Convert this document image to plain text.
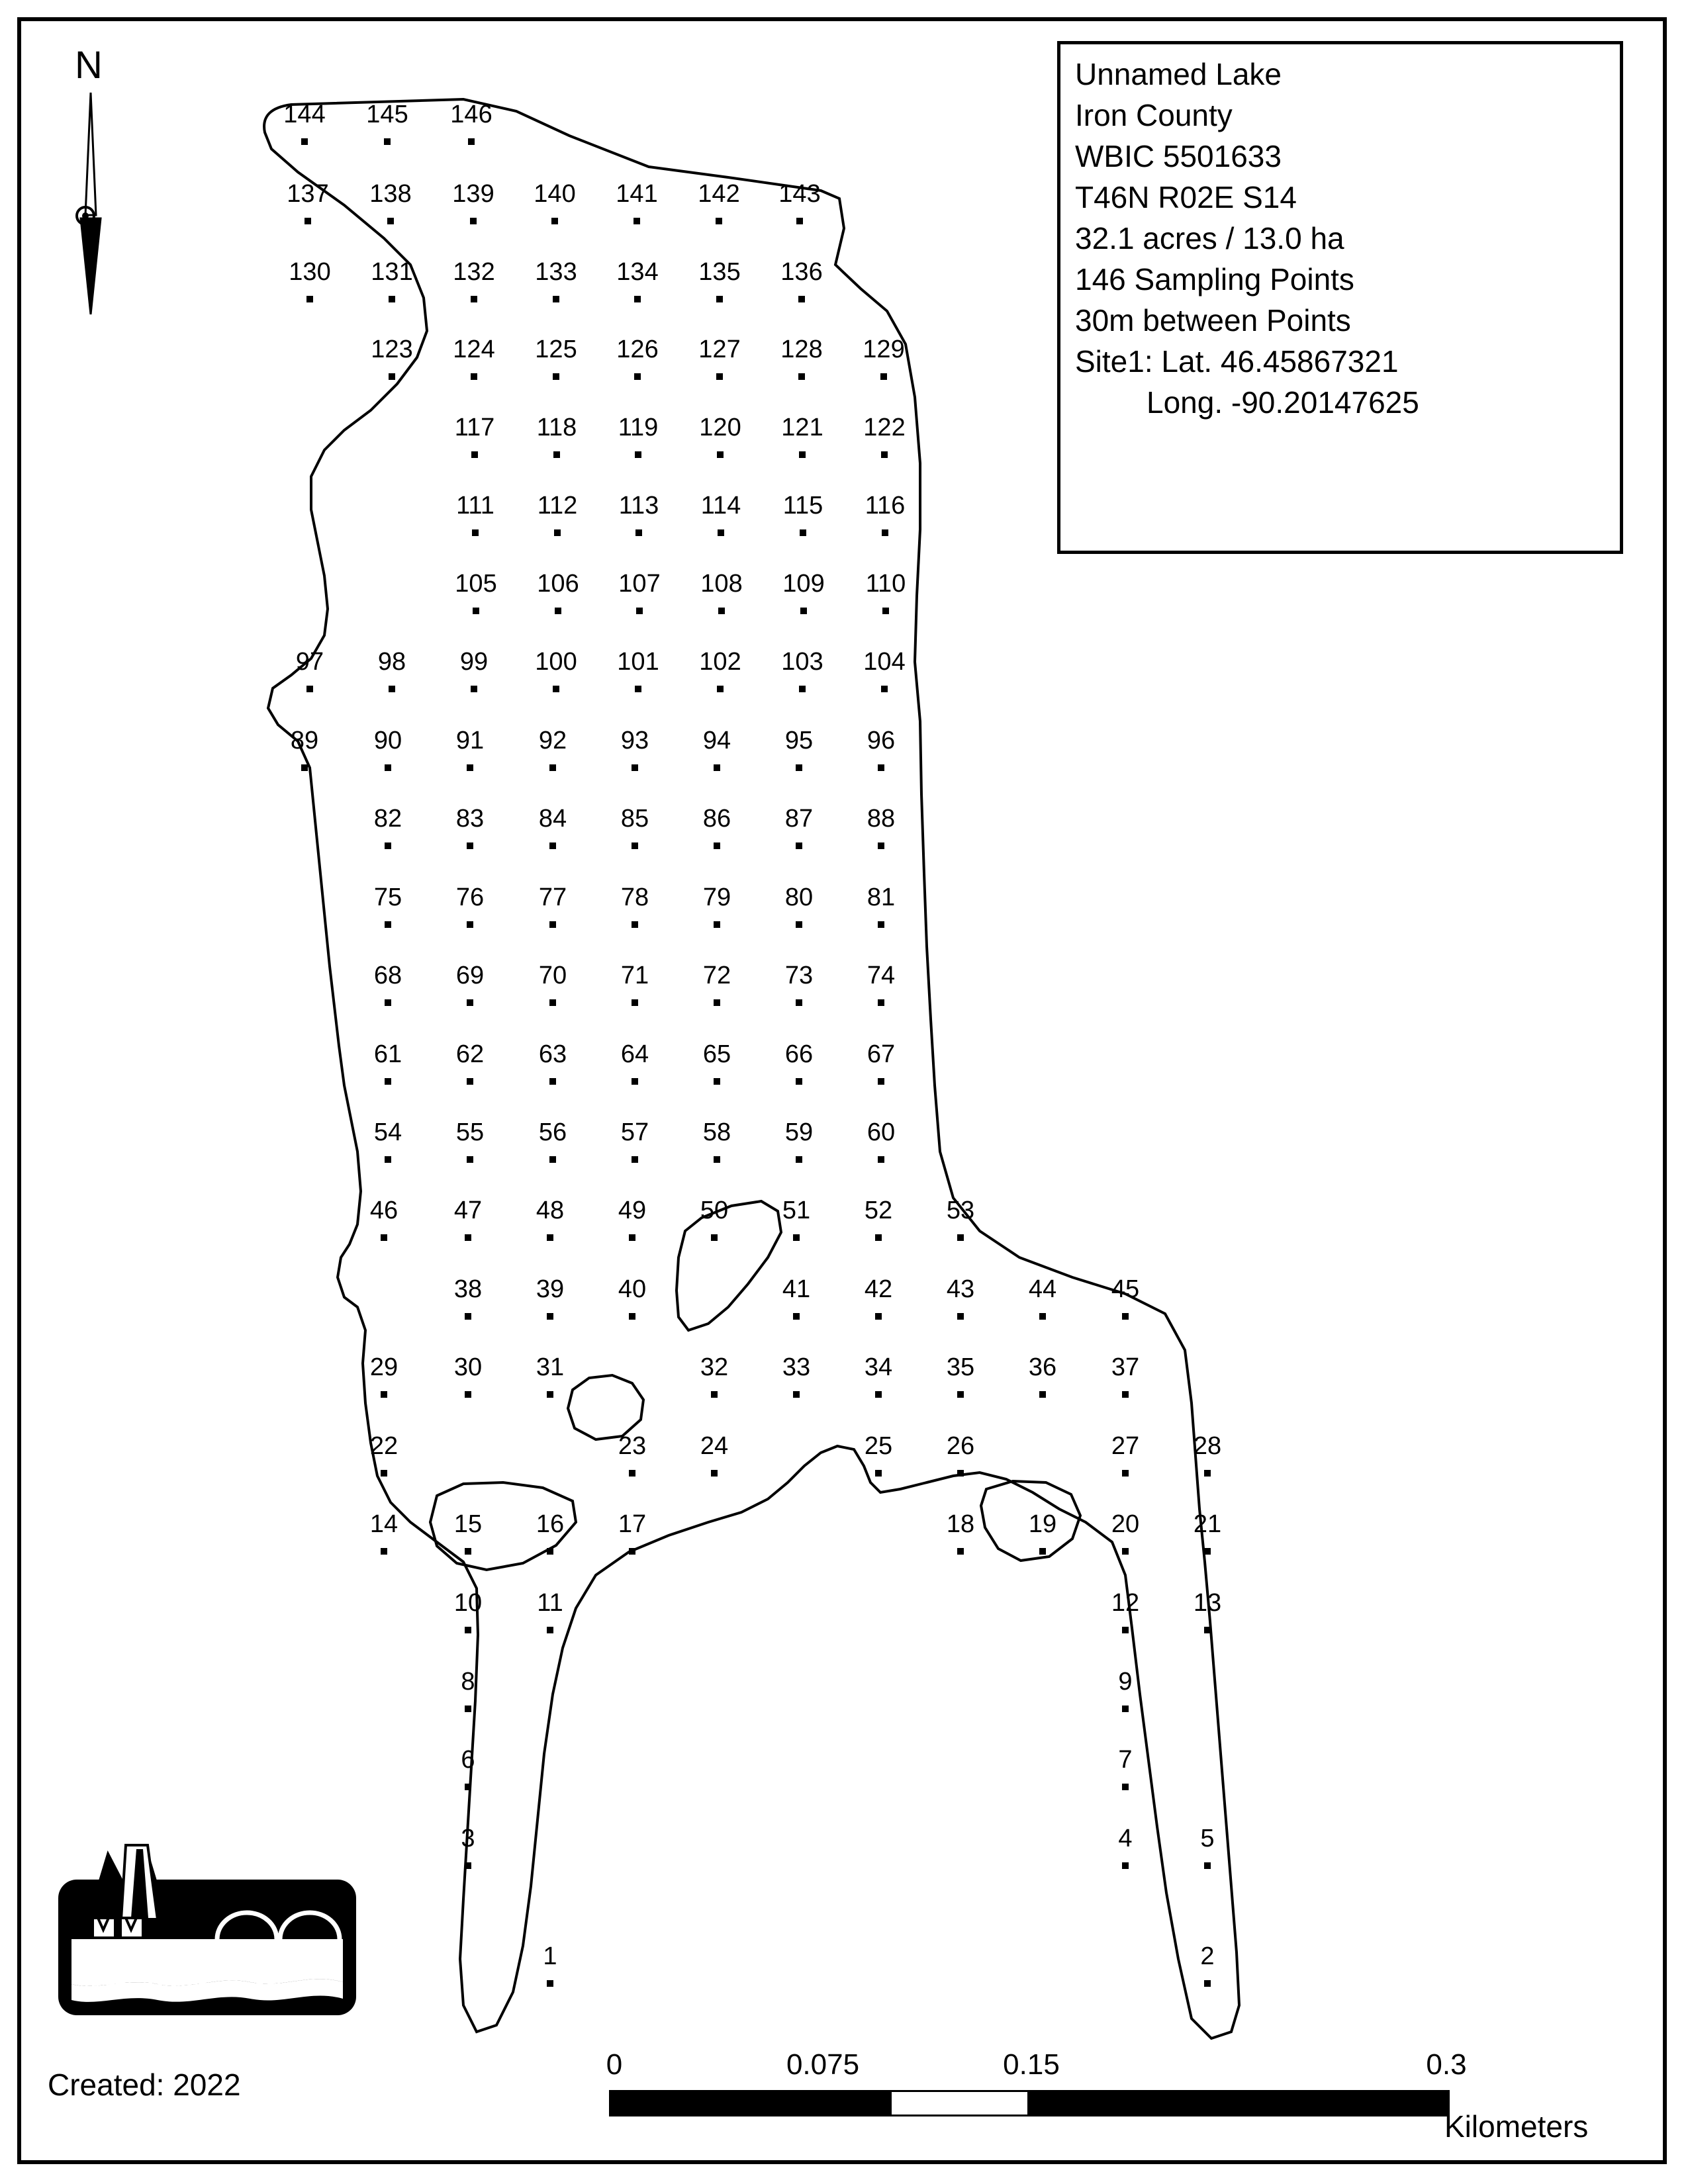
N	Unnamed Lake
Iron County
WBIC 5501633
T46N R02E S14
32.1 acres / 13.0 ha
146 Sampling Points
30m between Points
Site1: Lat. 46.45867321
Long. -90.20147625
144 145 146
137 138 139 140 141 142 143
130 131 132 133 134 135 136
123 124 125 126 127 128 129
117 118 119 120 121 122
111 112 113 114 115 116
105 106 107 108 109 110
97 98 99 100 101 102 103 104
89 90 91 92 93 94 95 96
82 83 84 85 86 87 88
75 76 77 78 79 80 81
68 69 70 71 72 73 74
61 62 63 64 65 66 67
54 55 56 57 58 59 60
46 47 48 49 50 51 52 53
38 39 40	41 42 43 44 45
29 30 31	32 33 34 35 36 37
22	23 24	25 26	27 28
14 15 16 17	18 19 20 21
10 11	12 13
8	9
6	7
3	4	5
1	2
WISCONSIN
DEPT. OF NATURAL RESOURCES
Created: 2022
0	0.075	0.15	0.3
Kilometers
